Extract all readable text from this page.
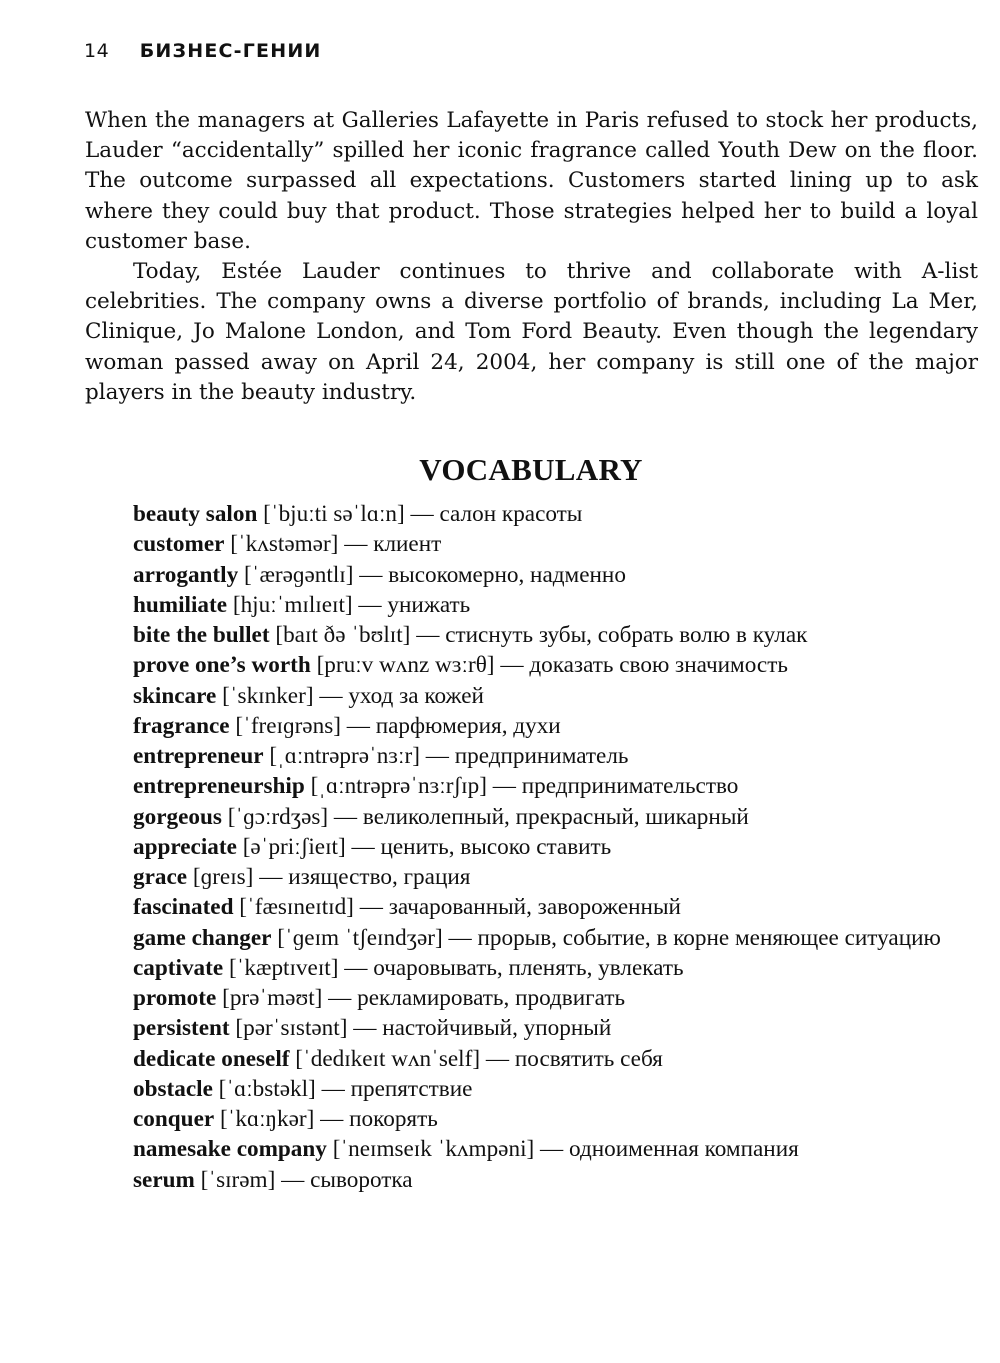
14 БИЗНЕС-ГЕНИИ

When the managers at Galleries Lafayette in Paris refused to stock her products, Lauder “accidentally” spilled her iconic fragrance called Youth Dew on the floor. The outcome surpassed all expectations. Customers started lining up to ask where they could buy that product. Those strategies helped her to build a loyal customer base.

Today, Estée Lauder continues to thrive and collaborate with A-list celebrities. The company owns a diverse portfolio of brands, including La Mer, Clinique, Jo Malone London, and Tom Ford Beauty. Even though the legendary woman passed away on April 24, 2004, her company is still one of the major players in the beauty industry.

VOCABULARY
beauty salon [ˈbjuːti səˈlɑːn] — салон красоты
customer [ˈkʌstəmər] — клиент
arrogantly [ˈærəɡəntlɪ] — высокомерно, надменно
humiliate [hjuːˈmɪlɪeɪt] — унижать
bite the bullet [baɪt ðə ˈbʊlɪt] — стиснуть зубы, собрать волю в кулак
prove one’s worth [pruːv wʌnz wɜːrθ] — доказать свою значимость
skincare [ˈskɪnker] — уход за кожей
fragrance [ˈfreɪɡrəns] — парфюмерия, духи
entrepreneur [ˌɑːntrəprəˈnɜːr] — предприниматель
entrepreneurship [ˌɑːntrəprəˈnɜːrʃɪp] — предпринимательство
gorgeous [ˈɡɔːrdʒəs] — великолепный, прекрасный, шикарный
appreciate [əˈpriːʃieɪt] — ценить, высоко ставить
grace [ɡreɪs] — изящество, грация
fascinated [ˈfæsɪneɪtɪd] — зачарованный, завороженный
game changer [ˈɡeɪm ˈtʃeɪndʒər] — прорыв, событие, в корне меняющее ситуацию
captivate [ˈkæptɪveɪt] — очаровывать, пленять, увлекать
promote [prəˈməʊt] — рекламировать, продвигать
persistent [pərˈsɪstənt] — настойчивый, упорный
dedicate oneself [ˈdedɪkeɪt wʌnˈself] — посвятить себя
obstacle [ˈɑːbstəkl] — препятствие
conquer [ˈkɑːŋkər] — покорять
namesake company [ˈneɪmseɪk ˈkʌmpəni] — одноименная компания
serum [ˈsɪrəm] — сыворотка
